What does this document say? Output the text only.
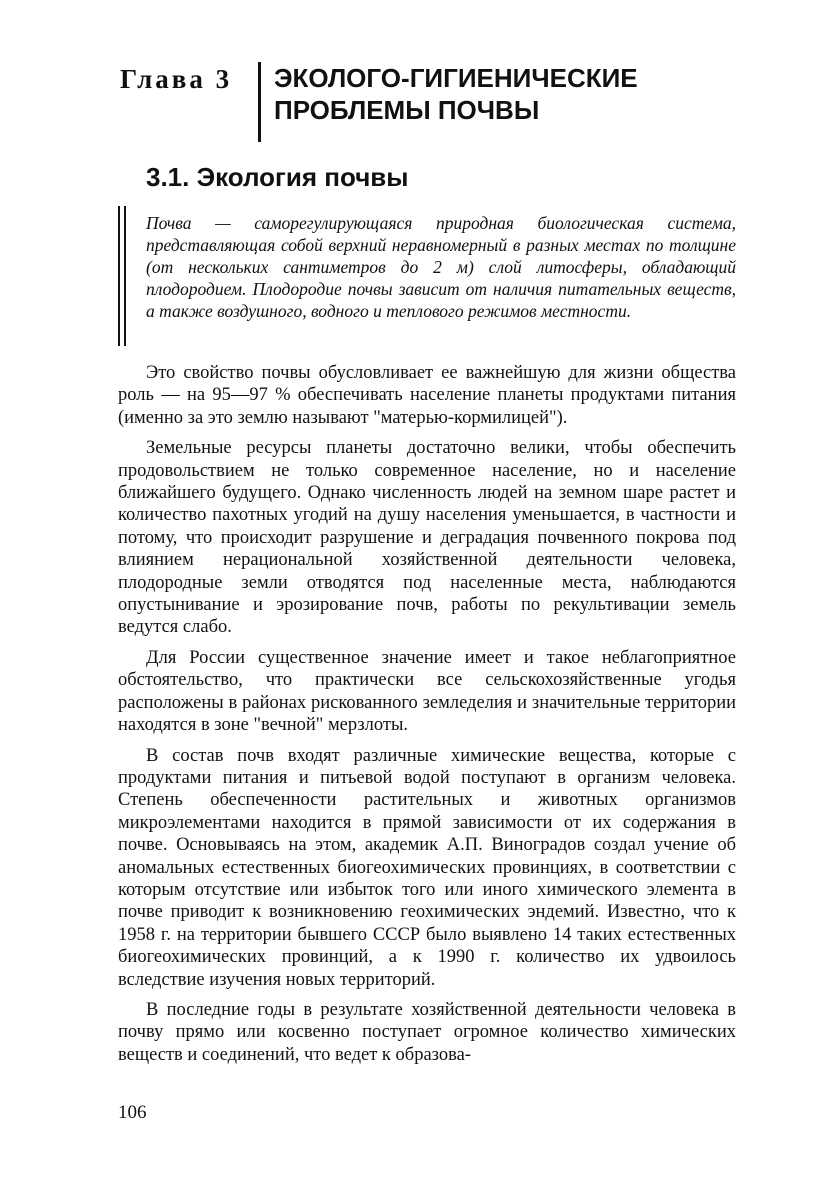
Глава 3 ЭКОЛОГО-ГИГИЕНИЧЕСКИЕ ПРОБЛЕМЫ ПОЧВЫ
3.1. Экология почвы
Почва — саморегулирующаяся природная биологическая система, представляющая собой верхний неравномерный в разных местах по толщине (от нескольких сантиметров до 2 м) слой литосферы, обладающий плодородием. Плодородие почвы зависит от наличия питательных веществ, а также воздушного, водного и теплового режимов местности.

Это свойство почвы обусловливает ее важнейшую для жизни общества роль — на 95—97 % обеспечивать население планеты продуктами питания (именно за это землю называют "матерью-кормилицей").

Земельные ресурсы планеты достаточно велики, чтобы обеспечить продовольствием не только современное население, но и население ближайшего будущего. Однако численность людей на земном шаре растет и количество пахотных угодий на душу населения уменьшается, в частности и потому, что происходит разрушение и деградация почвенного покрова под влиянием нерациональной хозяйственной деятельности человека, плодородные земли отводятся под населенные места, наблюдаются опустынивание и эрозирование почв, работы по рекультивации земель ведутся слабо.

Для России существенное значение имеет и такое неблагоприятное обстоятельство, что практически все сельскохозяйственные угодья расположены в районах рискованного земледелия и значительные территории находятся в зоне "вечной" мерзлоты.

В состав почв входят различные химические вещества, которые с продуктами питания и питьевой водой поступают в организм человека. Степень обеспеченности растительных и животных организмов микроэлементами находится в прямой зависимости от их содержания в почве. Основываясь на этом, академик А.П. Виноградов создал учение об аномальных естественных биогеохимических провинциях, в соответствии с которым отсутствие или избыток того или иного химического элемента в почве приводит к возникновению геохимических эндемий. Известно, что к 1958 г. на территории бывшего СССР было выявлено 14 таких естественных биогеохимических провинций, а к 1990 г. количество их удвоилось вследствие изучения новых территорий.

В последние годы в результате хозяйственной деятельности человека в почву прямо или косвенно поступает огромное количество химических веществ и соединений, что ведет к образова-

106
